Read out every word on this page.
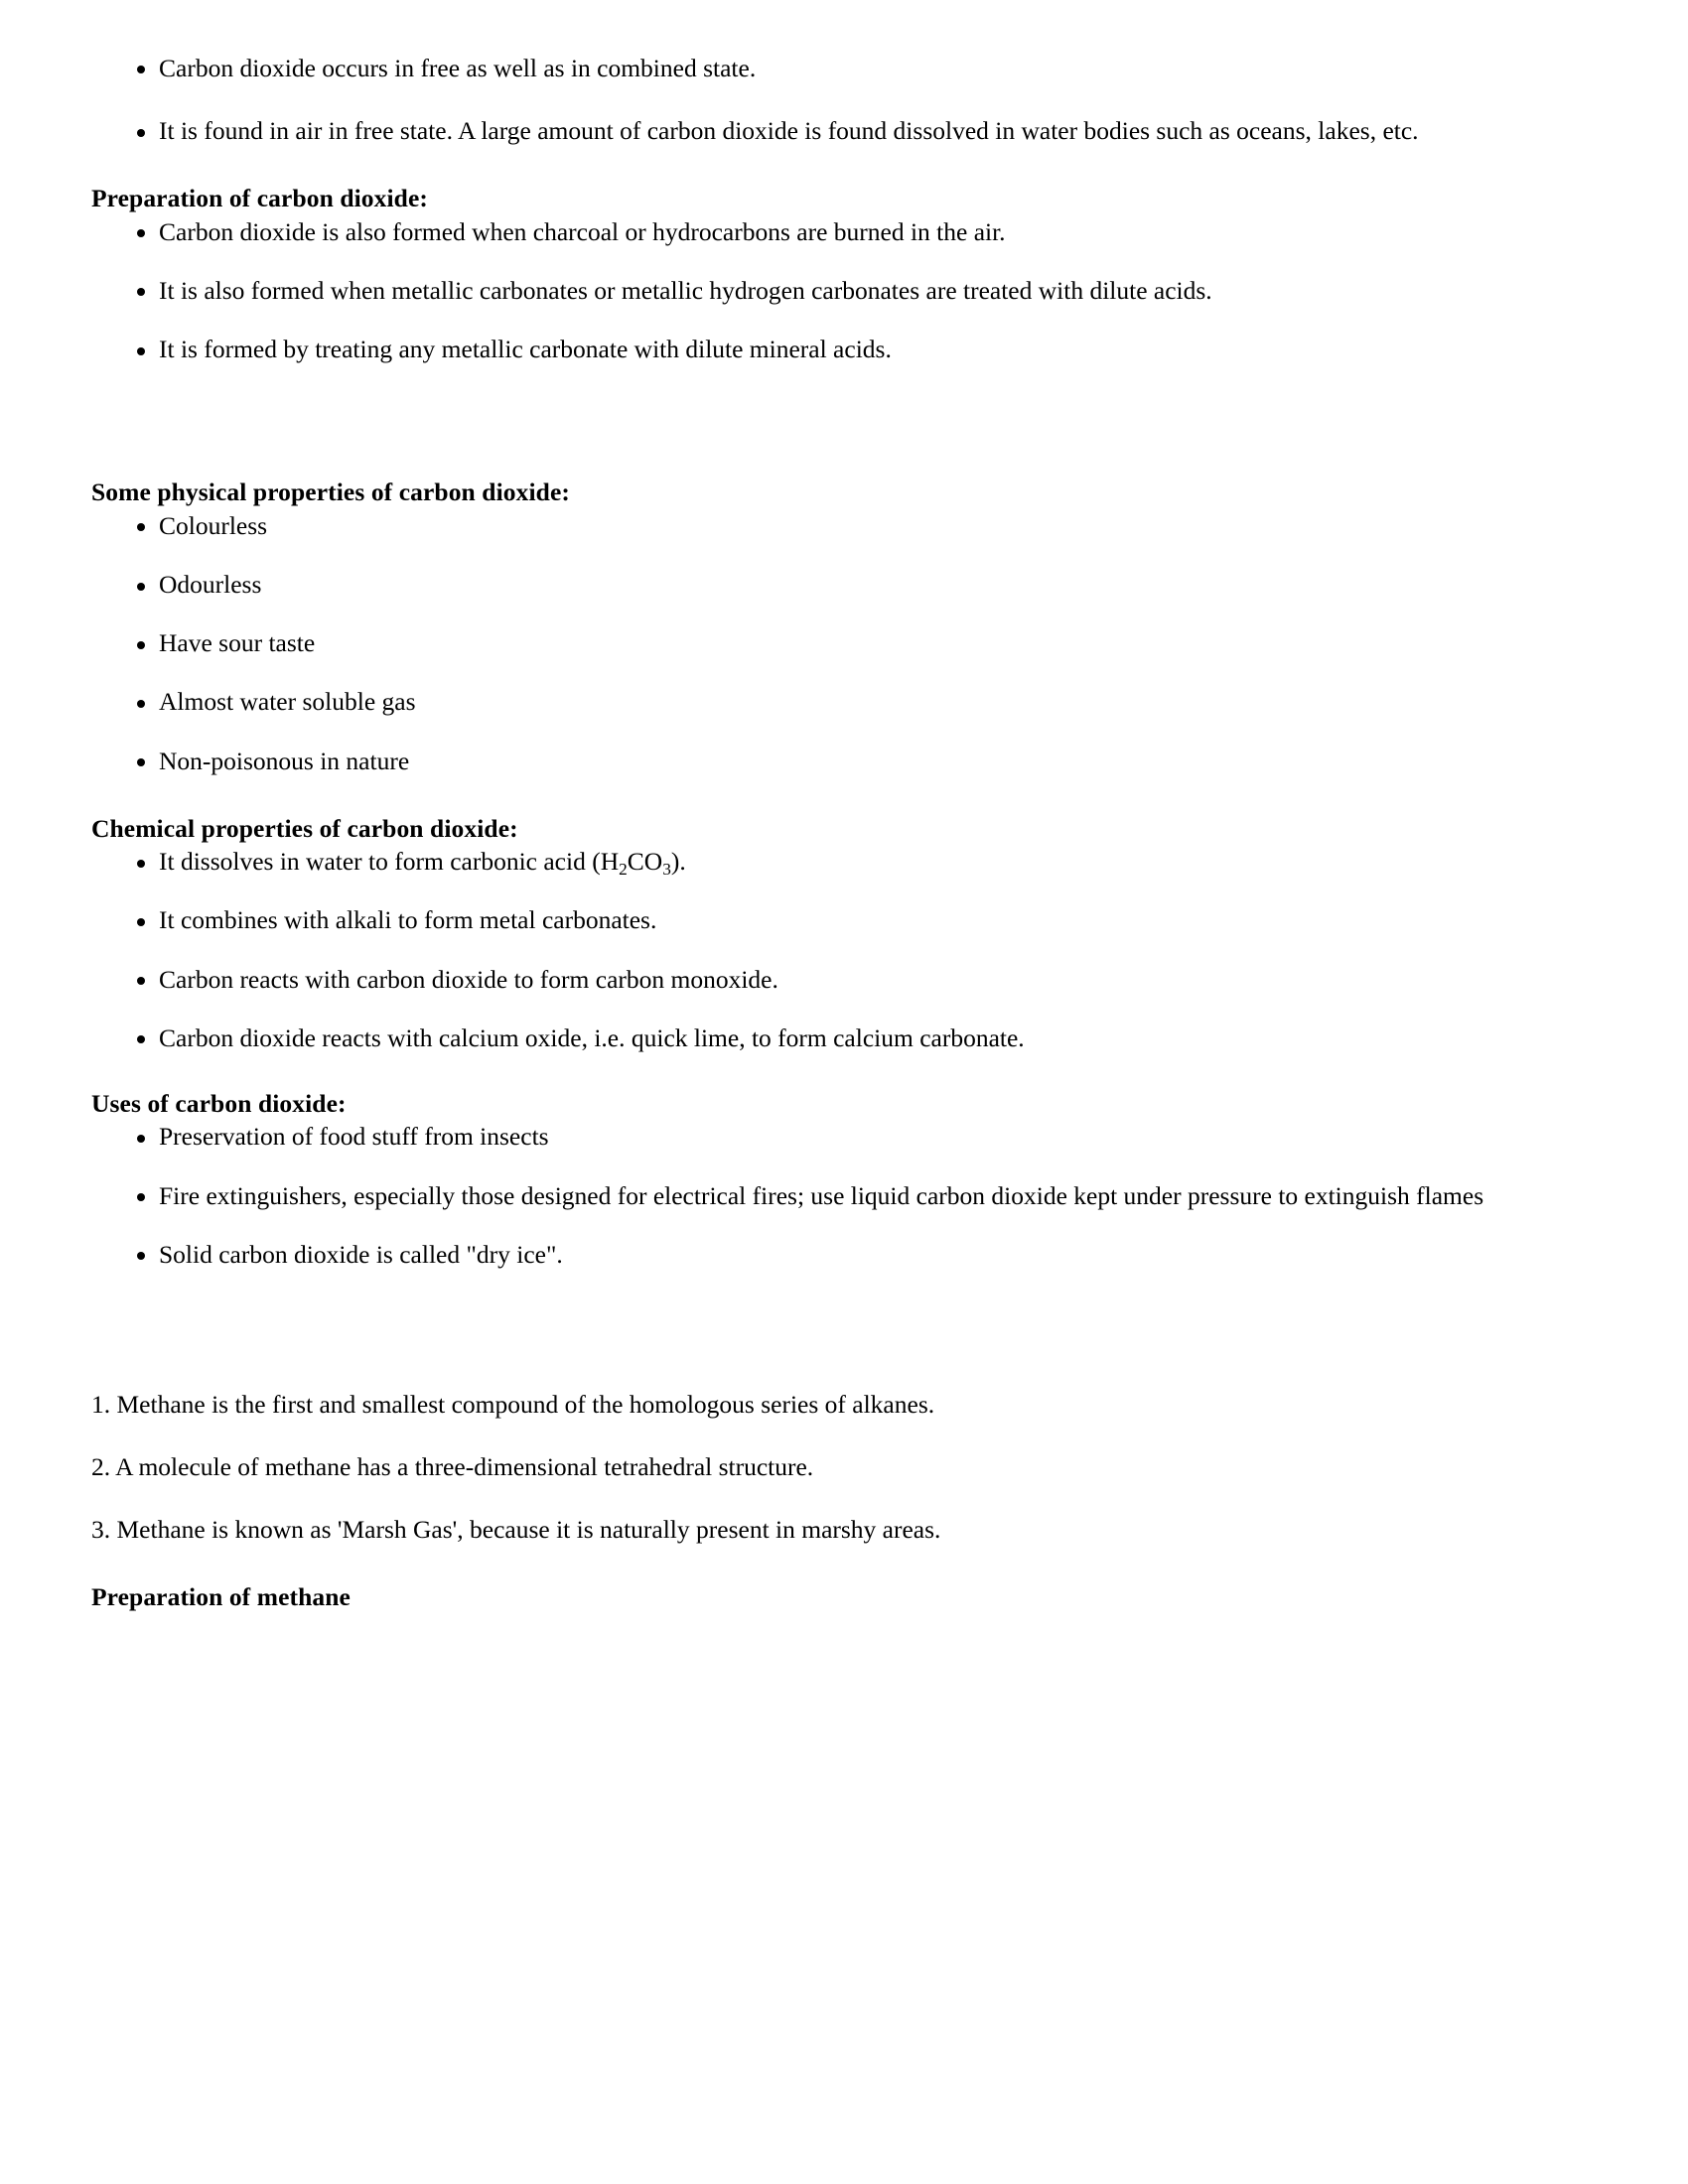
Carbon dioxide occurs in free as well as in combined state.
It is found in air in free state. A large amount of carbon dioxide is found dissolved in water bodies such as oceans, lakes, etc.
Preparation of carbon dioxide:
Carbon dioxide is also formed when charcoal or hydrocarbons are burned in the air.
It is also formed when metallic carbonates or metallic hydrogen carbonates are treated with dilute acids.
It is formed by treating any metallic carbonate with dilute mineral acids.
Some physical properties of carbon dioxide:
Colourless
Odourless
Have sour taste
Almost water soluble gas
Non-poisonous in nature
Chemical properties of carbon dioxide:
It dissolves in water to form carbonic acid $(H_2CO_3)$.
It combines with alkali to form metal carbonates.
Carbon reacts with carbon dioxide to form carbon monoxide.
Carbon dioxide reacts with calcium oxide, i.e. quick lime, to form calcium carbonate.
Uses of carbon dioxide:
Preservation of food stuff from insects
Fire extinguishers, especially those designed for electrical fires; use liquid carbon dioxide kept under pressure to extinguish flames
Solid carbon dioxide is called "dry ice".

1. Methane is the first and smallest compound of the homologous series of alkanes.

2. A molecule of methane has a three-dimensional tetrahedral structure.

3. Methane is known as 'Marsh Gas', because it is naturally present in marshy areas.

Preparation of methane
